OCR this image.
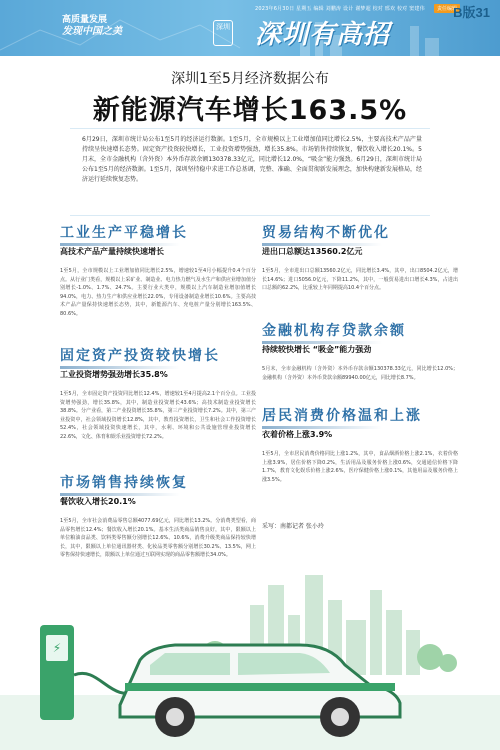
高质量发展
发现中国之美	深圳 深圳有高招
2023年6月30日 星期五 编辑 刘鹏涛 设计 谢梦超 校对 邢欢 校对 窦建伟	责任编辑
B版31
深圳1至5月经济数据公布
新能源汽车增长163.5%
6月29日，深圳市统计局公布1至5月的经济运行数据。1至5月，全市规模以上工业增加值同比增长2.5%，主要高技术产品产量持续呈快速增长态势。固定资产投资较快增长，工业投资增势强劲，增长35.8%。市场销售持续恢复，餐饮收入增长20.1%。5月末，全市金融机构（含外资）本外币存款余额130378.33亿元，同比增长12.0%，“吸金”能力强劲。6月29日，深圳市统计局公布1至5月的经济数据。1至5月，深圳坚持稳中求进工作总基调，完整、准确、全面贯彻新发展理念，加快构建新发展格局，经济运行延续恢复态势。
工业生产平稳增长
高技术产品产量持续快速增长
1至5月，全市规模以上工业增加值同比增长2.5%，增速较1至4月小幅提升0.4个百分点。从行业门类看，规模以上采矿业、制造业、电力热力燃气及水生产和供应业增加值分别增长-1.0%、1.7%、24.7%。主要行业大类中，规模以上汽车制造业增加值增长94.0%，电力、热力生产和供应业增长22.0%，专用设备制造业增长10.6%。主要高技术产品产量保持快速增长态势，其中，新能源汽车、充电桩产量分别增长163.5%、80.6%。
固定资产投资较快增长
工业投资增势强劲增长35.8%
1至5月，全市固定资产投资同比增长12.4%，增速较1至4月提高2.1个百分点。工业投资增势强劲，增长35.8%，其中，制造业投资增长43.6%；高技术制造业投资增长38.8%。分产业看，第二产业投资增长35.8%，第三产业投资增长7.2%。其中，第三产业投资中，社会领域投资增长12.8%，其中，教育投资增长，卫生和社会工作投资增长52.4%，社会领域投资快速增长，其中，水利、环境和公共设施管理业投资增长22.6%，文化、体育和娱乐业投资增长72.2%。
市场销售持续恢复
餐饮收入增长20.1%
1至5月，全市社会消费品零售总额4077.69亿元，同比增长13.2%。分消费类型看，商品零售增长12.4%；餐饮收入增长20.1%。基本生活类商品销售良好，其中，限额以上单位粮油食品类、饮料类零售额分别增长12.6%、10.6%，消费升级类商品保持较快增长，其中，限额以上单位通讯器材类、化妆品类零售额分别增长30.2%、13.5%，网上零售保持快速增长，限额以上单位通过互联网实现的商品零售额增长34.0%。
贸易结构不断优化
进出口总额达13560.2亿元
1至5月，全市进出口总额13560.2亿元，同比增长3.4%，其中，出口8504.2亿元，增长14.6%；进口5056.0亿元，下降11.2%，其中，一般贸易进出口增长4.3%，占进出口总额的62.2%，比重较上年同期提高10.4个百分点。
金融机构存贷款余额
持续较快增长 “吸金”能力强劲
5月末，全市金融机构（含外资）本外币存款余额130378.33亿元，同比增长12.0%；金融机构（含外资）本外币贷款余额89940.00亿元，同比增长8.7%。
居民消费价格温和上涨
衣着价格上涨3.9%
1至5月，全市居民消费价格同比上涨1.2%，其中，食品烟酒价格上涨2.1%，衣着价格上涨3.9%，居住价格下降0.2%，生活用品及服务价格上涨0.6%，交通通信价格下降1.7%，教育文化娱乐价格上涨2.6%，医疗保健价格上涨0.1%，其他用品及服务价格上涨3.5%。
采写：南都记者 张小玲
⚡
